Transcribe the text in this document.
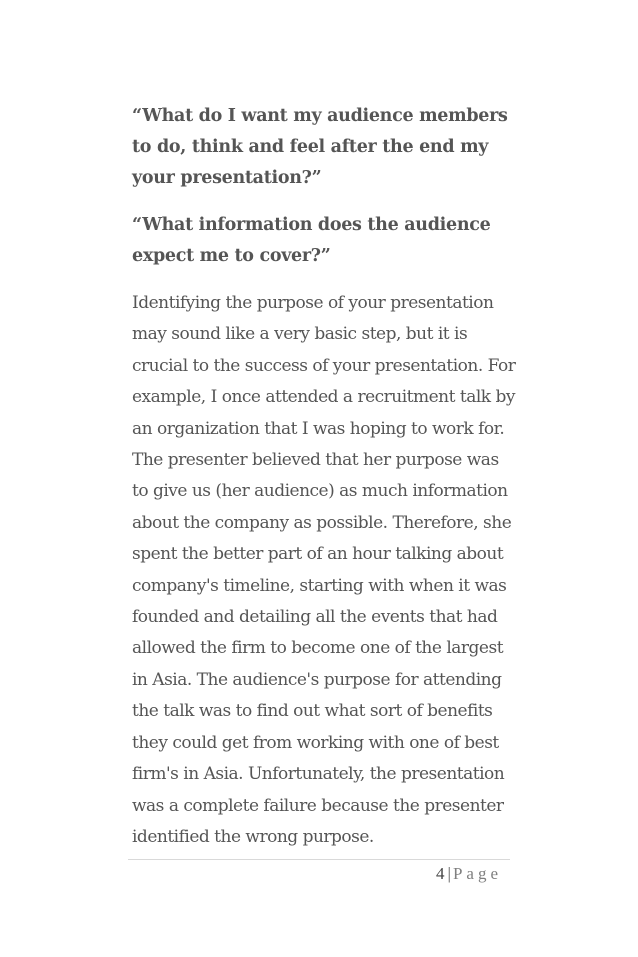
“What do I want my audience members to do, think and feel after the end my your presentation?”

“What information does the audience expect me to cover?”

Identifying the purpose of your presentation may sound like a very basic step, but it is crucial to the success of your presentation. For example, I once attended a recruitment talk by an organization that I was hoping to work for. The presenter believed that her purpose was to give us (her audience) as much information about the company as possible. Therefore, she spent the better part of an hour talking about company's timeline, starting with when it was founded and detailing all the events that had allowed the firm to become one of the largest in Asia. The audience's purpose for attending the talk was to find out what sort of benefits they could get from working with one of best firm's in Asia. Unfortunately, the presentation was a complete failure because the presenter identified the wrong purpose.

4 | Page
